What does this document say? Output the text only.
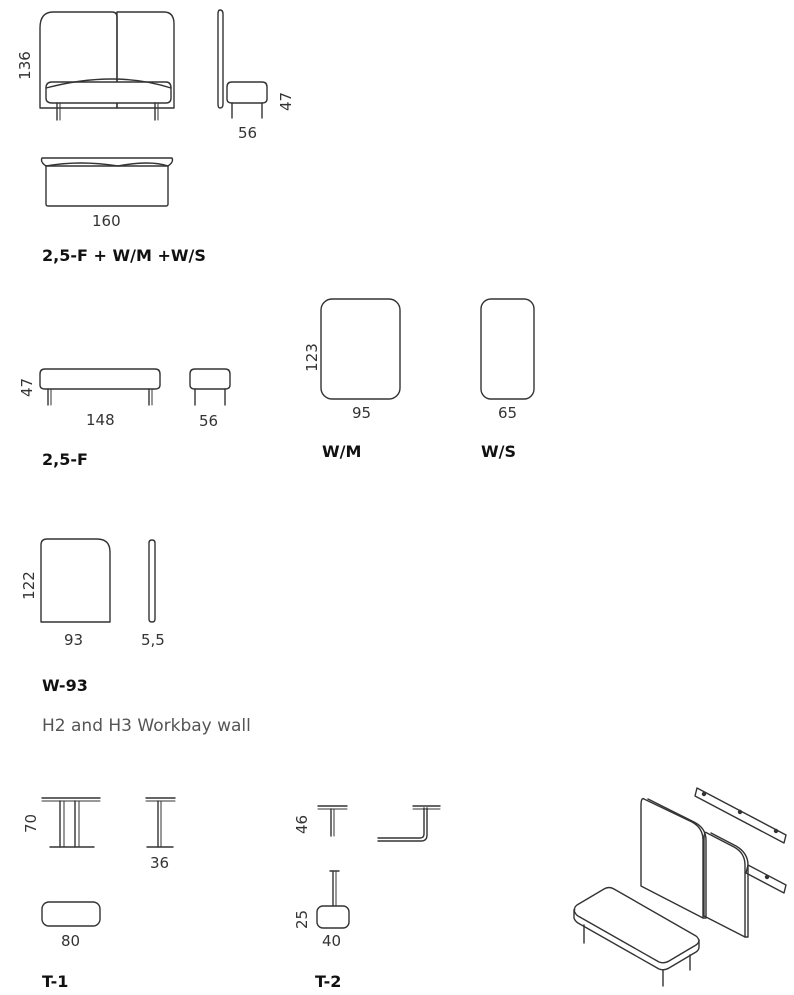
136
47
56
160
2,5-F + W/M +W/S
47
148	56
2,5-F
123
95
W/M
65
W/S
122
93	5,5
W-93
H2 and H3 Workbay wall
70
36
80
T-1
46
25
40
T-2
